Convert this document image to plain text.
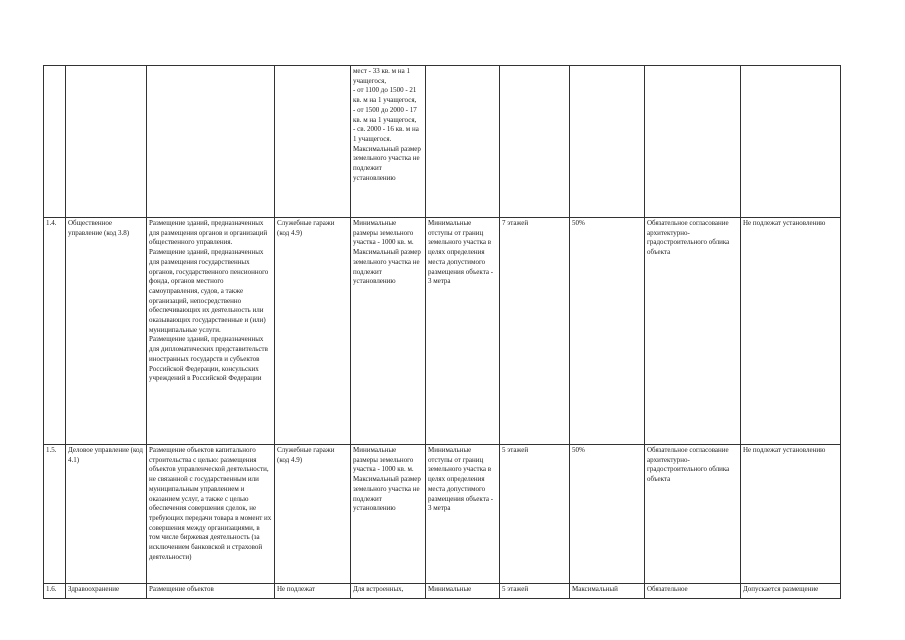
				мест - 33 кв. м на 1 учащегося,
- от 1100 до 1500 - 21 кв. м на 1 учащегося,
- от 1500 до 2000 - 17 кв. м на 1 учащегося,
- св. 2000 - 16 кв. м на 1 учащегося.
Максимальный размер земельного участка не подлежит установлению					
1.4.	Общественное управление (код 3.8)	Размещение зданий, предназначенных для размещения органов и организаций общественного управления.
Размещение зданий, предназначенных для размещения государственных органов, государственного пенсионного фонда, органов местного самоуправления, судов, а также организаций, непосредственно обеспечивающих их деятельность или оказывающих государственные и (или) муниципальные услуги.
Размещение зданий, предназначенных для дипломатических представительств иностранных государств и субъектов Российской Федерации, консульских учреждений в Российской Федерации	Служебные гаражи (код 4.9)	Минимальные размеры земельного участка - 1000 кв. м.
Максимальный размер земельного участка не подлежит установлению	Минимальные отступы от границ земельного участка в целях определения места допустимого размещения объекта - 3 метра	7 этажей	50%	Обязательное согласование архитектурно-градостроительного облика объекта	Не подлежат установлению
1.5.	Деловое управление (код 4.1)	Размещение объектов капитального строительства с целью: размещения объектов управленческой деятельности, не связанной с государственным или муниципальным управлением и оказанием услуг, а также с целью обеспечения совершения сделок, не требующих передачи товара в момент их совершения между организациями, в том числе биржевая деятельность (за исключением банковской и страховой деятельности)	Служебные гаражи (код 4.9)	Минимальные размеры земельного участка - 1000 кв. м.
Максимальный размер земельного участка не подлежит установлению	Минимальные отступы от границ земельного участка в целях определения места допустимого размещения объекта - 3 метра	5 этажей	50%	Обязательное согласование архитектурно-градостроительного облика объекта	Не подлежат установлению
1.6.	Здравоохранение	Размещение объектов	Не подлежат	Для встроенных,	Минимальные	5 этажей	Максимальный	Обязательное	Допускается размещение
